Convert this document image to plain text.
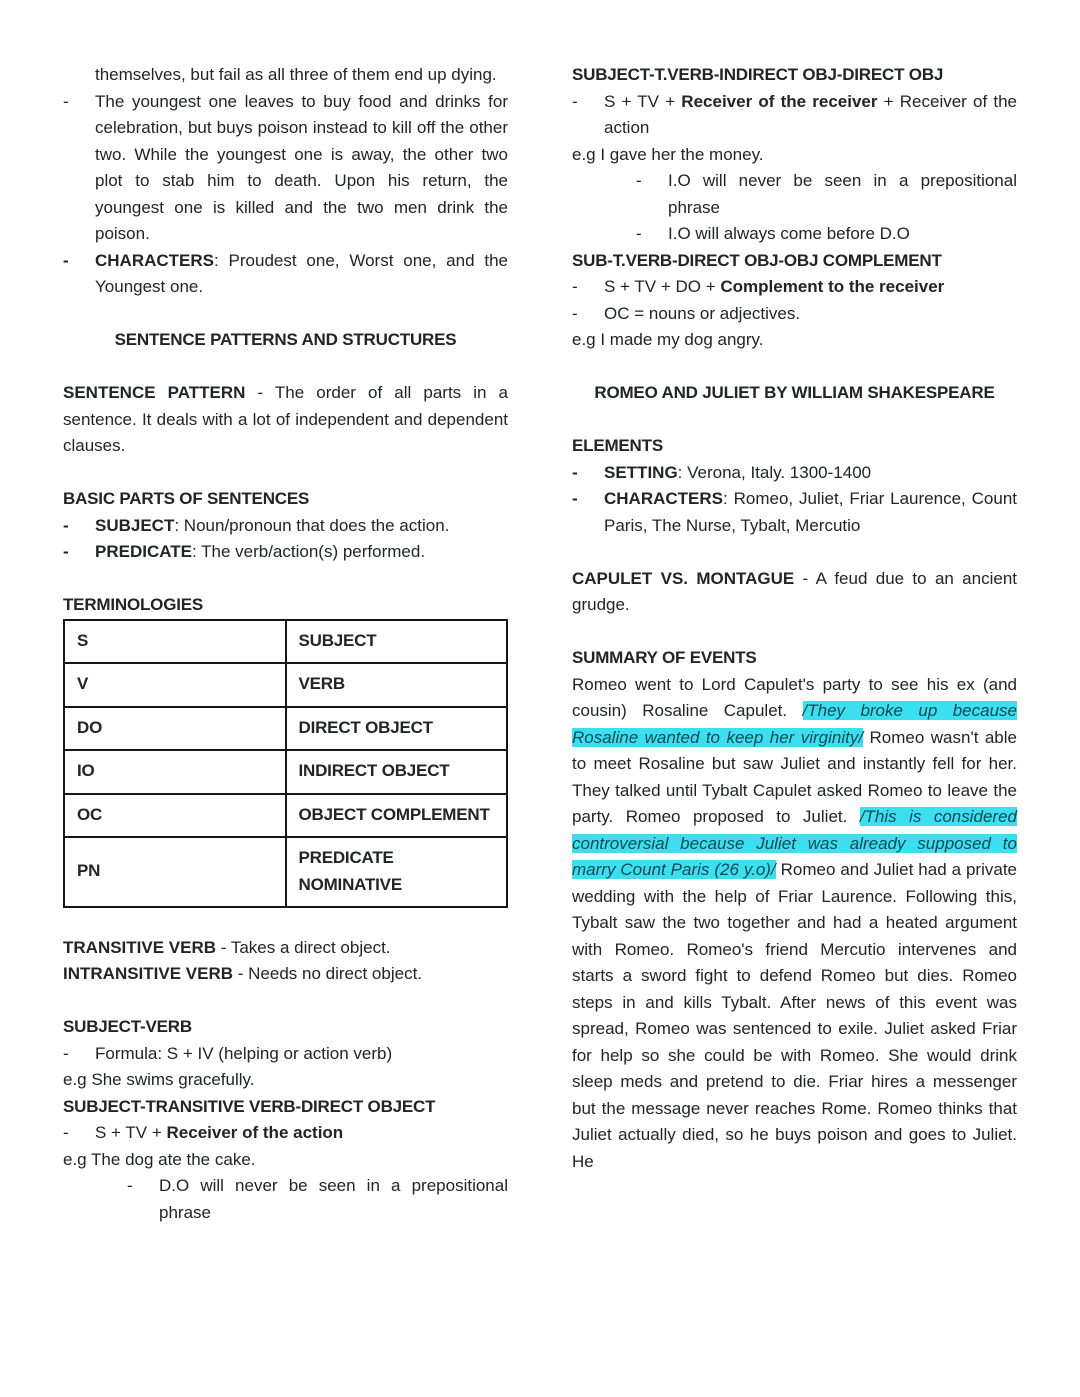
themselves, but fail as all three of them end up dying.
-	The youngest one leaves to buy food and drinks for celebration, but buys poison instead to kill off the other two. While the youngest one is away, the other two plot to stab him to death. Upon his return, the youngest one is killed and the two men drink the poison.
-	CHARACTERS: Proudest one, Worst one, and the Youngest one.
SENTENCE PATTERNS AND STRUCTURES
SENTENCE PATTERN - The order of all parts in a sentence. It deals with a lot of independent and dependent clauses.
BASIC PARTS OF SENTENCES
-	SUBJECT: Noun/pronoun that does the action.
-	PREDICATE: The verb/action(s) performed.
TERMINOLOGIES
S	SUBJECT
V	VERB
DO	DIRECT OBJECT
IO	INDIRECT OBJECT
OC	OBJECT COMPLEMENT
PN	PREDICATE NOMINATIVE
TRANSITIVE VERB - Takes a direct object.
INTRANSITIVE VERB - Needs no direct object.
SUBJECT-VERB
-	Formula: S + IV (helping or action verb)
e.g She swims gracefully.
SUBJECT-TRANSITIVE VERB-DIRECT OBJECT
-	S + TV + Receiver of the action
e.g The dog ate the cake.
-	D.O will never be seen in a prepositional phrase
SUBJECT-T.VERB-INDIRECT OBJ-DIRECT OBJ
-	S + TV + Receiver of the receiver + Receiver of the action
e.g I gave her the money.
-	I.O will never be seen in a prepositional phrase
-	I.O will always come before D.O
SUB-T.VERB-DIRECT OBJ-OBJ COMPLEMENT
-	S + TV + DO + Complement to the receiver
-	OC = nouns or adjectives.
e.g I made my dog angry.
ROMEO AND JULIET BY WILLIAM SHAKESPEARE
ELEMENTS
-	SETTING: Verona, Italy. 1300-1400
-	CHARACTERS: Romeo, Juliet, Friar Laurence, Count Paris, The Nurse, Tybalt, Mercutio
CAPULET VS. MONTAGUE - A feud due to an ancient grudge.
SUMMARY OF EVENTS
Romeo went to Lord Capulet's party to see his ex (and cousin) Rosaline Capulet. /They broke up because Rosaline wanted to keep her virginity/ Romeo wasn't able to meet Rosaline but saw Juliet and instantly fell for her. They talked until Tybalt Capulet asked Romeo to leave the party. Romeo proposed to Juliet. /This is considered controversial because Juliet was already supposed to marry Count Paris (26 y.o)/ Romeo and Juliet had a private wedding with the help of Friar Laurence. Following this, Tybalt saw the two together and had a heated argument with Romeo. Romeo's friend Mercutio intervenes and starts a sword fight to defend Romeo but dies. Romeo steps in and kills Tybalt. After news of this event was spread, Romeo was sentenced to exile. Juliet asked Friar for help so she could be with Romeo. She would drink sleep meds and pretend to die. Friar hires a messenger but the message never reaches Rome. Romeo thinks that Juliet actually died, so he buys poison and goes to Juliet. He
